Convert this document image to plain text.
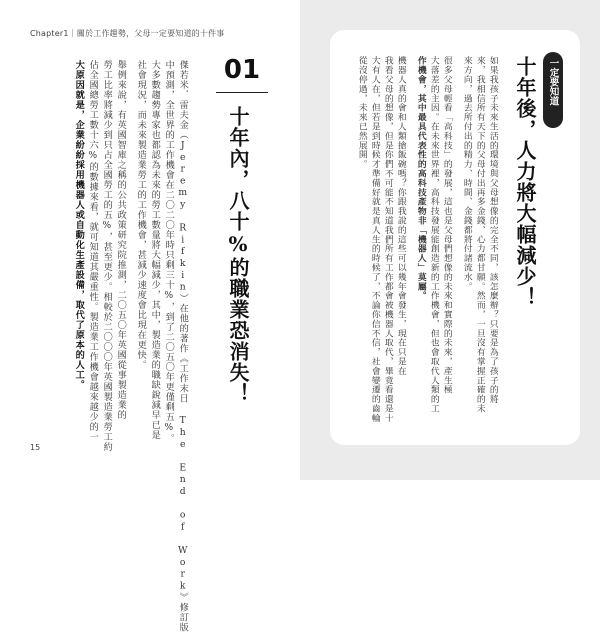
Chapter1｜關於工作趨勢，父母一定要知道的十件事
01
十年內，八十%的職業恐消失！
傑若米．雷夫金（Jeremy Rifkin）在他的著作《工作末日 The End of Work》修訂版
中預測，全世界的工作機會在二〇二〇年時只剩三十%，到了二〇五〇年更僅剩五%。
大多數趨勢專家也都認為未來的勞工數量將大幅減少，其中，製造業的職缺銳減早已是
社會現況，而未來製造業勞工的工作機會，甚減少速度會比現在更快。
舉例來說，有英國智庫之稱的公共政策研究院推測，二〇五〇年英國從事製造業的
勞工比率將減少到只占全國勞工的五%，甚至更少。相較於二〇〇〇年英國製造業勞工約
佔全國總勞工數十六%的數據來看，就可知道其嚴重性。製造業工作機會越來越少的一
大原因就是，企業紛紛採用機器人或自動化生產設備，取代了原本的人工。
15
一定要知道
十年後，人力將大幅減少！
如果我孩子未來生活的環境與父母想像的完全不同，該怎麼辦？只要是為了孩子的將
來，我相信所有天下的父母付出再多金錢、心力都甘願。然而，一旦沒有掌握正確的未
來方向，過去所付出的精力、時間、金錢都將付諸流水。
很多父母輕看「高科技」的發展，這也是父母們想像的未來和實際的未來，產生極
大落差的主因。在未來世界裡，高科技發展能創造新的工作機會，但也會取代人類的工
作機會，其中最具代表性的高科技產物非「機器人」莫屬。
機器人真的會和人類搶飯碗嗎？你跟我說的這些可以幾年會發生，現在只是在
我看父母的想像，但是你們不可能不知道我們所有工作都會被機器人取代，畢竟看還是十
大有人在，但若是到時候才準備好就是真人生的時候了，不論你信不信，社會變遷的齒輪
從沒停過，未來已然展開。
